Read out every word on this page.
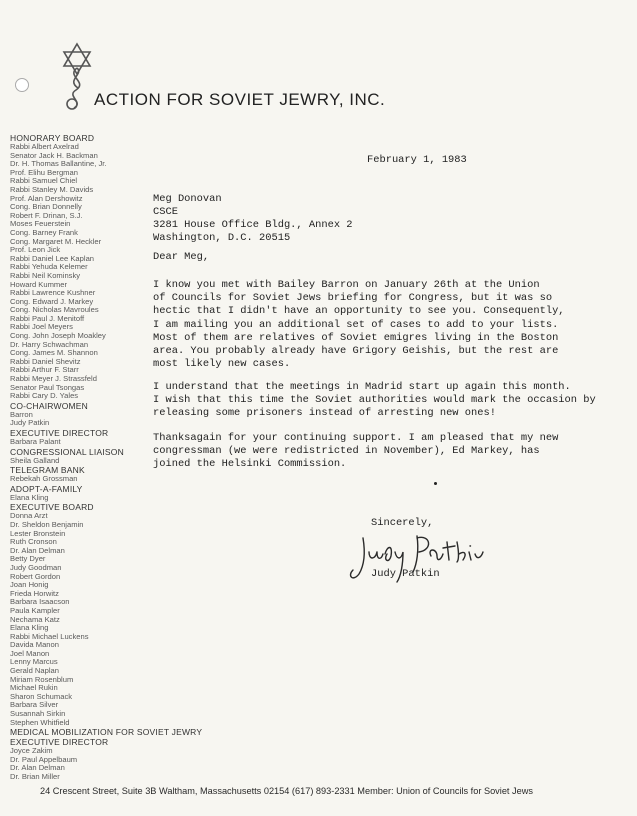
ACTION FOR SOVIET JEWRY, INC.
HONORARY BOARD
Rabbi Albert Axelrad
Senator Jack H. Backman
Dr. H. Thomas Ballantine, Jr.
Prof. Elihu Bergman
Rabbi Samuel Chiel
Rabbi Stanley M. Davids
Prof. Alan Dershowitz
Cong. Brian Donnelly
Robert F. Drinan, S.J.
Moses Feuerstein
Cong. Barney Frank
Cong. Margaret M. Heckler
Prof. Leon Jick
Rabbi Daniel Lee Kaplan
Rabbi Yehuda Kelemer
Rabbi Neil Kominsky
Howard Kummer
Rabbi Lawrence Kushner
Cong. Edward J. Markey
Cong. Nicholas Mavroules
Rabbi Paul J. Menitoff
Rabbi Joel Meyers
Cong. John Joseph Moakley
Dr. Harry Schwachman
Cong. James M. Shannon
Rabbi Daniel Shevitz
Rabbi Arthur F. Starr
Rabbi Meyer J. Strassfeld
Senator Paul Tsongas
Rabbi Cary D. Yales
CO-CHAIRWOMEN
Barron
Judy Patkin
EXECUTIVE DIRECTOR
Barbara Palant
CONGRESSIONAL LIAISON
Sheila Galland
TELEGRAM BANK
Rebekah Grossman
ADOPT-A-FAMILY
Elana Kling
EXECUTIVE BOARD
Donna Arzt
Dr. Sheldon Benjamin
Lester Bronstein
Ruth Cronson
Dr. Alan Delman
Betty Dyer
Judy Goodman
Robert Gordon
Joan Honig
Frieda Horwitz
Barbara Isaacson
Paula Kampler
Nechama Katz
Elana Kling
Rabbi Michael Luckens
Davida Manon
Joel Manon
Lenny Marcus
Gerald Naplan
Miriam Rosenblum
Michael Rukin
Sharon Schumack
Barbara Silver
Susannah Sirkin
Stephen Whitfield
MEDICAL MOBILIZATION FOR SOVIET JEWRY
EXECUTIVE DIRECTOR
Joyce Zakim
Dr. Paul Appelbaum
Dr. Alan Delman
Dr. Brian Miller
February 1, 1983
Meg Donovan
CSCE
3281 House Office Bldg., Annex 2
Washington, D.C. 20515
Dear Meg,
I know you met with Bailey Barron on January 26th at the Union
of Councils for Soviet Jews briefing for Congress, but it was so
hectic that I didn't have an opportunity to see you. Consequently,
I am mailing you an additional set of cases to add to your lists.
Most of them are relatives of Soviet emigres living in the Boston
area. You probably already have Grigory Geishis, but the rest are
most likely new cases.
I understand that the meetings in Madrid start up again this month.
I wish that this time the Soviet authorities would mark the occasion by
releasing some prisoners instead of arresting new ones!
Thanksagain for your continuing support. I am pleased that my new
congressman (we were redistricted in November), Ed Markey, has
joined the Helsinki Commission.
Sincerely,
Judy Patkin
24 Crescent Street, Suite 3B Waltham, Massachusetts 02154 (617) 893-2331 Member: Union of Councils for Soviet Jews
